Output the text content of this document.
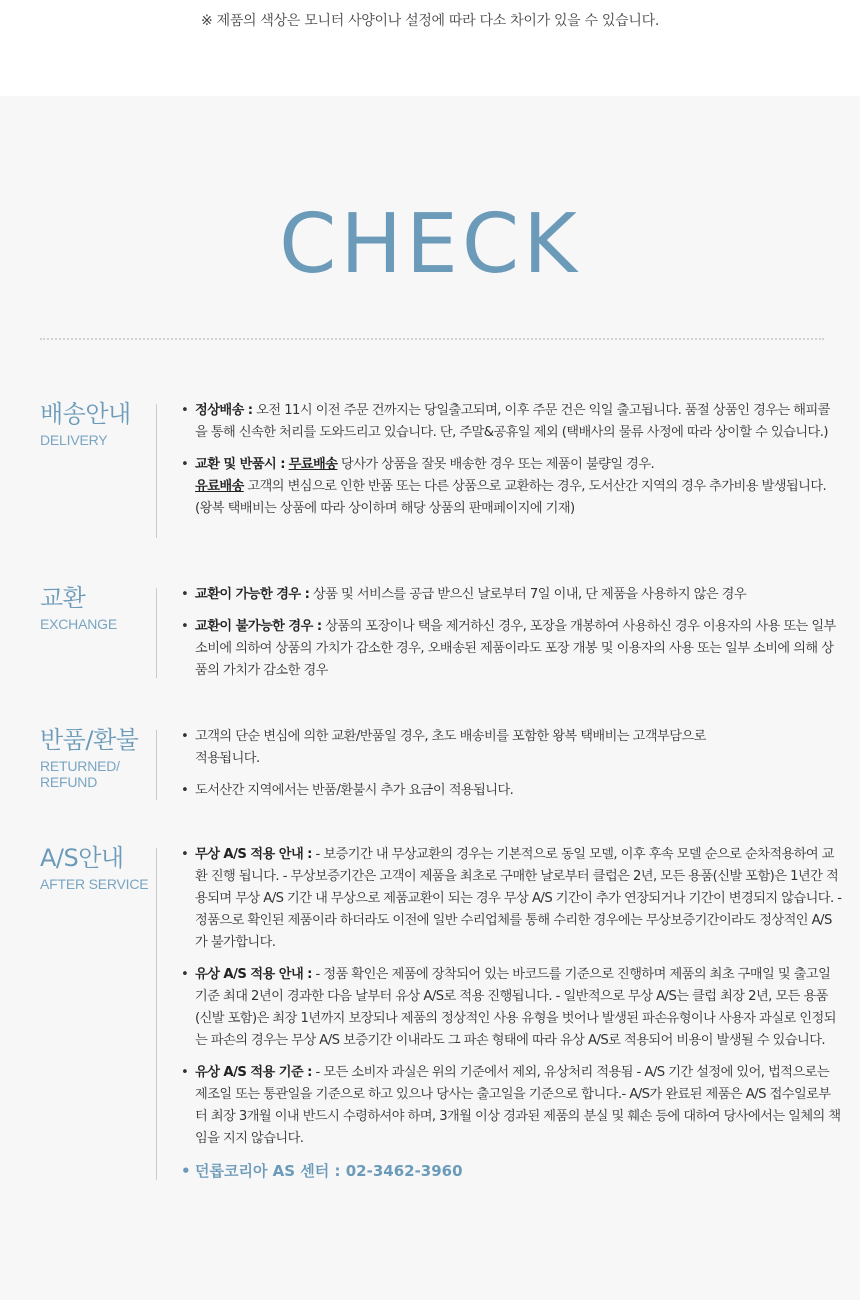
※ 제품의 색상은 모니터 사양이나 설정에 따라 다소 차이가 있을 수 있습니다.
CHECK
배송안내
DELIVERY
• 정상배송 : 오전 11시 이전 주문 건까지는 당일출고되며, 이후 주문 건은 익일 출고됩니다. 품절 상품인 경우는 해피콜을 통해 신속한 처리를 도와드리고 있습니다. 단, 주말&공휴일 제외 (택배사의 물류 사정에 따라 상이할 수 있습니다.)
• 교환 및 반품시 : 무료배송 당사가 상품을 잘못 배송한 경우 또는 제품이 불량일 경우.
유료배송 고객의 변심으로 인한 반품 또는 다른 상품으로 교환하는 경우, 도서산간 지역의 경우 추가비용 발생됩니다. (왕복 택배비는 상품에 따라 상이하며 해당 상품의 판매페이지에 기재)
교환
EXCHANGE
• 교환이 가능한 경우 : 상품 및 서비스를 공급 받으신 날로부터 7일 이내, 단 제품을 사용하지 않은 경우
• 교환이 불가능한 경우 : 상품의 포장이나 택을 제거하신 경우, 포장을 개봉하여 사용하신 경우 이용자의 사용 또는 일부 소비에 의하여 상품의 가치가 감소한 경우, 오배송된 제품이라도 포장 개봉 및 이용자의 사용 또는 일부 소비에 의해 상품의 가치가 감소한 경우
반품/환불
RETURNED/ REFUND
• 고객의 단순 변심에 의한 교환/반품일 경우, 초도 배송비를 포함한 왕복 택배비는 고객부담으로 적용됩니다.
• 도서산간 지역에서는 반품/환불시 추가 요금이 적용됩니다.
A/S안내
AFTER SERVICE
• 무상 A/S 적용 안내 : - 보증기간 내 무상교환의 경우는 기본적으로 동일 모델, 이후 후속 모델 순으로 순차적용하여 교환 진행 됩니다. - 무상보증기간은 고객이 제품을 최초로 구매한 날로부터 클럽은 2년, 모든 용품(신발 포함)은 1년간 적용되며 무상 A/S 기간 내 무상으로 제품교환이 되는 경우 무상 A/S 기간이 추가 연장되거나 기간이 변경되지 않습니다. - 정품으로 확인된 제품이라 하더라도 이전에 일반 수리업체를 통해 수리한 경우에는 무상보증기간이라도 정상적인 A/S가 불가합니다.
• 유상 A/S 적용 안내 : - 정품 확인은 제품에 장착되어 있는 바코드를 기준으로 진행하며 제품의 최초 구매일 및 출고일기준 최대 2년이 경과한 다음 날부터 유상 A/S로 적용 진행됩니다. - 일반적으로 무상 A/S는 클럽 최장 2년, 모든 용품(신발 포함)은 최장 1년까지 보장되나 제품의 정상적인 사용 유형을 벗어나 발생된 파손유형이나 사용자 과실로 인정되는 파손의 경우는 무상 A/S 보증기간 이내라도 그 파손 형태에 따라 유상 A/S로 적용되어 비용이 발생될 수 있습니다.
• 유상 A/S 적용 기준 : - 모든 소비자 과실은 위의 기준에서 제외, 유상처리 적용됨 - A/S 기간 설정에 있어, 법적으로는 제조일 또는 통관일을 기준으로 하고 있으나 당사는 출고일을 기준으로 합니다.- A/S가 완료된 제품은 A/S 접수일로부터 최장 3개월 이내 반드시 수령하셔야 하며, 3개월 이상 경과된 제품의 분실 및 훼손 등에 대하여 당사에서는 일체의 책임을 지지 않습니다.
• 던롭코리아 AS 센터 : 02-3462-3960
